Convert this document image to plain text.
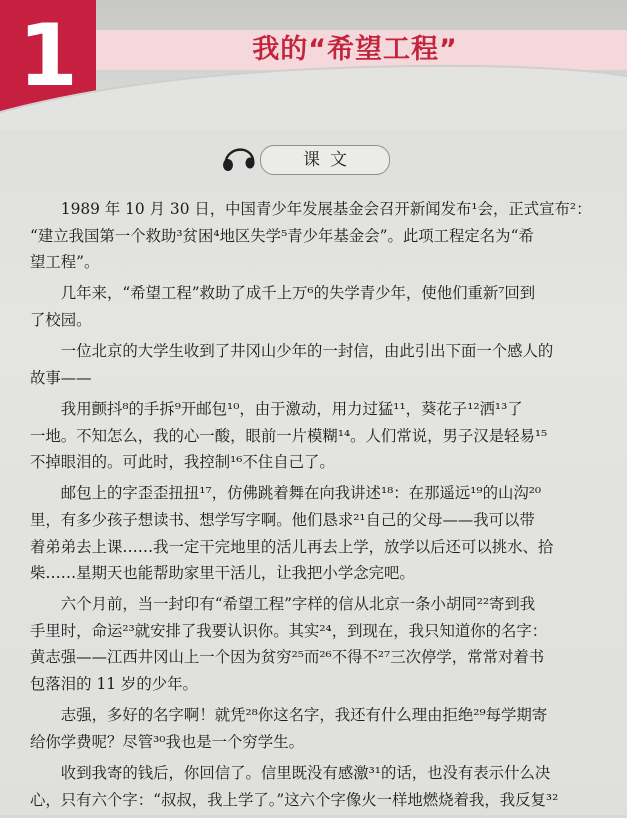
1	我的“希望工程”
课文

1989 年 10 月 30 日，中国青少年发展基金会召开新闻发布¹会，正式宣布²：
“建立我国第一个救助³贫困⁴地区失学⁵青少年基金会”。此项工程定名为“希
望工程”。

几年来，“希望工程”救助了成千上万⁶的失学青少年，使他们重新⁷回到
了校园。

一位北京的大学生收到了井冈山少年的一封信，由此引出下面一个感人的
故事——

我用颤抖⁸的手拆⁹开邮包¹⁰，由于激动，用力过猛¹¹，葵花子¹²洒¹³了
一地。不知怎么，我的心一酸，眼前一片模糊¹⁴。人们常说，男子汉是轻易¹⁵
不掉眼泪的。可此时，我控制¹⁶不住自己了。

邮包上的字歪歪扭扭¹⁷，仿佛跳着舞在向我讲述¹⁸：在那遥远¹⁹的山沟²⁰
里，有多少孩子想读书、想学写字啊。他们恳求²¹自己的父母——我可以带
着弟弟去上课……我一定干完地里的活儿再去上学，放学以后还可以挑水、拾
柴……星期天也能帮助家里干活儿，让我把小学念完吧。

六个月前，当一封印有“希望工程”字样的信从北京一条小胡同²²寄到我
手里时，命运²³就安排了我要认识你。其实²⁴，到现在，我只知道你的名字：
黄志强——江西井冈山上一个因为贫穷²⁵而²⁶不得不²⁷三次停学，常常对着书
包落泪的 11 岁的少年。

志强，多好的名字啊！就凭²⁸你这名字，我还有什么理由拒绝²⁹每学期寄
给你学费呢？尽管³⁰我也是一个穷学生。

收到我寄的钱后，你回信了。信里既没有感激³¹的话，也没有表示什么决
心，只有六个字：“叔叔，我上学了。”这六个字像火一样地燃烧着我，我反复³²
